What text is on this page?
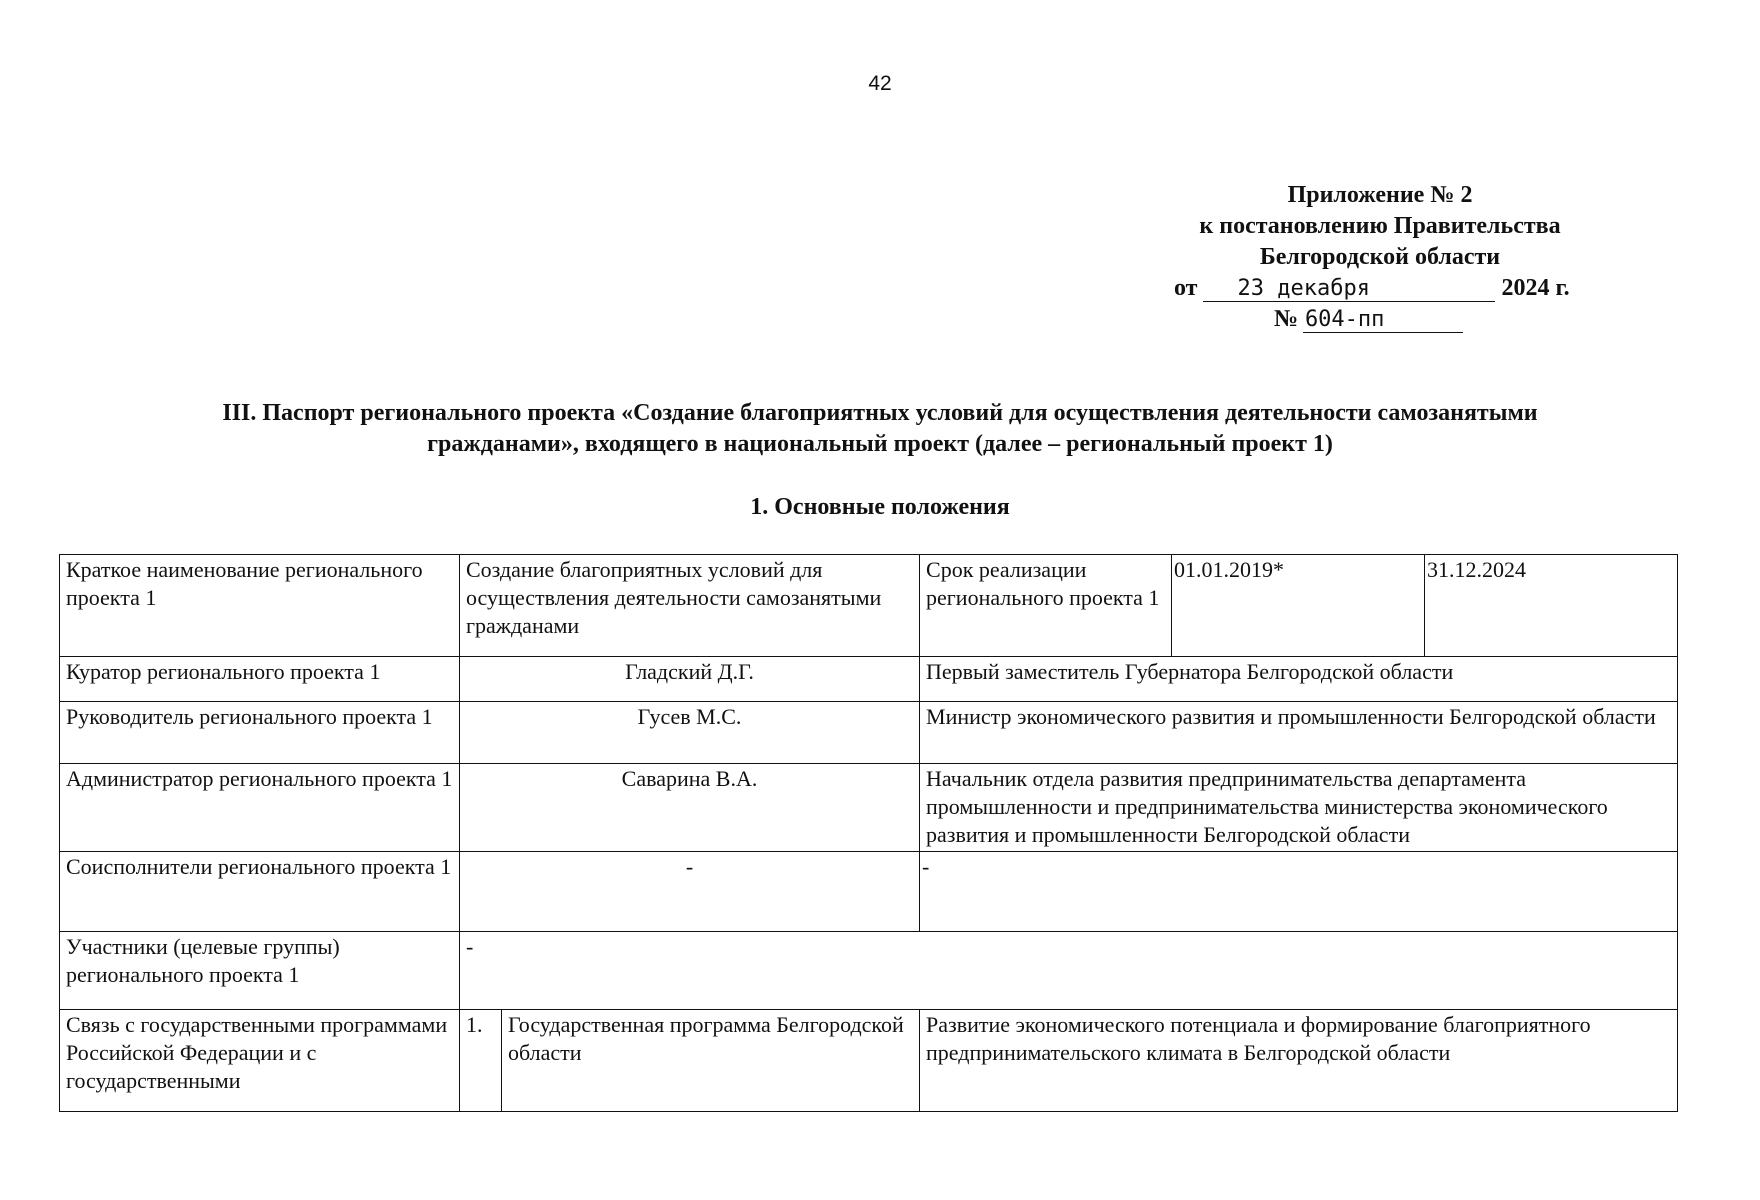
42
Приложение № 2
к постановлению Правительства
Белгородской области
от 23 декабря	2024 г.
№  604-пп
III. Паспорт регионального проекта «Создание благоприятных условий для осуществления деятельности самозанятыми
гражданами», входящего в национальный проект (далее – региональный проект 1)
1. Основные положения
Краткое наименование регионального проекта 1	Создание благоприятных условий для осуществления деятельности самозанятыми гражданами		Срок реализации регионального проекта 1	01.01.2019*	31.12.2024
Куратор регионального проекта 1	Гладский Д.Г.		Первый заместитель Губернатора Белгородской области		
Руководитель регионального проекта 1	Гусев М.С.		Министр экономического развития и промышленности Белгородской области		
Администратор регионального проекта 1	Саварина В.А.		Начальник отдела развития предпринимательства департамента промышленности и предпринимательства министерства экономического развития и промышленности Белгородской области		
Соисполнители регионального проекта 1	-		-		
Участники (целевые группы) регионального проекта 1	-				
Связь с государственными программами Российской Федерации и с государственными	1.	Государственная программа Белгородской области	Развитие экономического потенциала и формирование благоприятного предпринимательского климата в Белгородской области		
